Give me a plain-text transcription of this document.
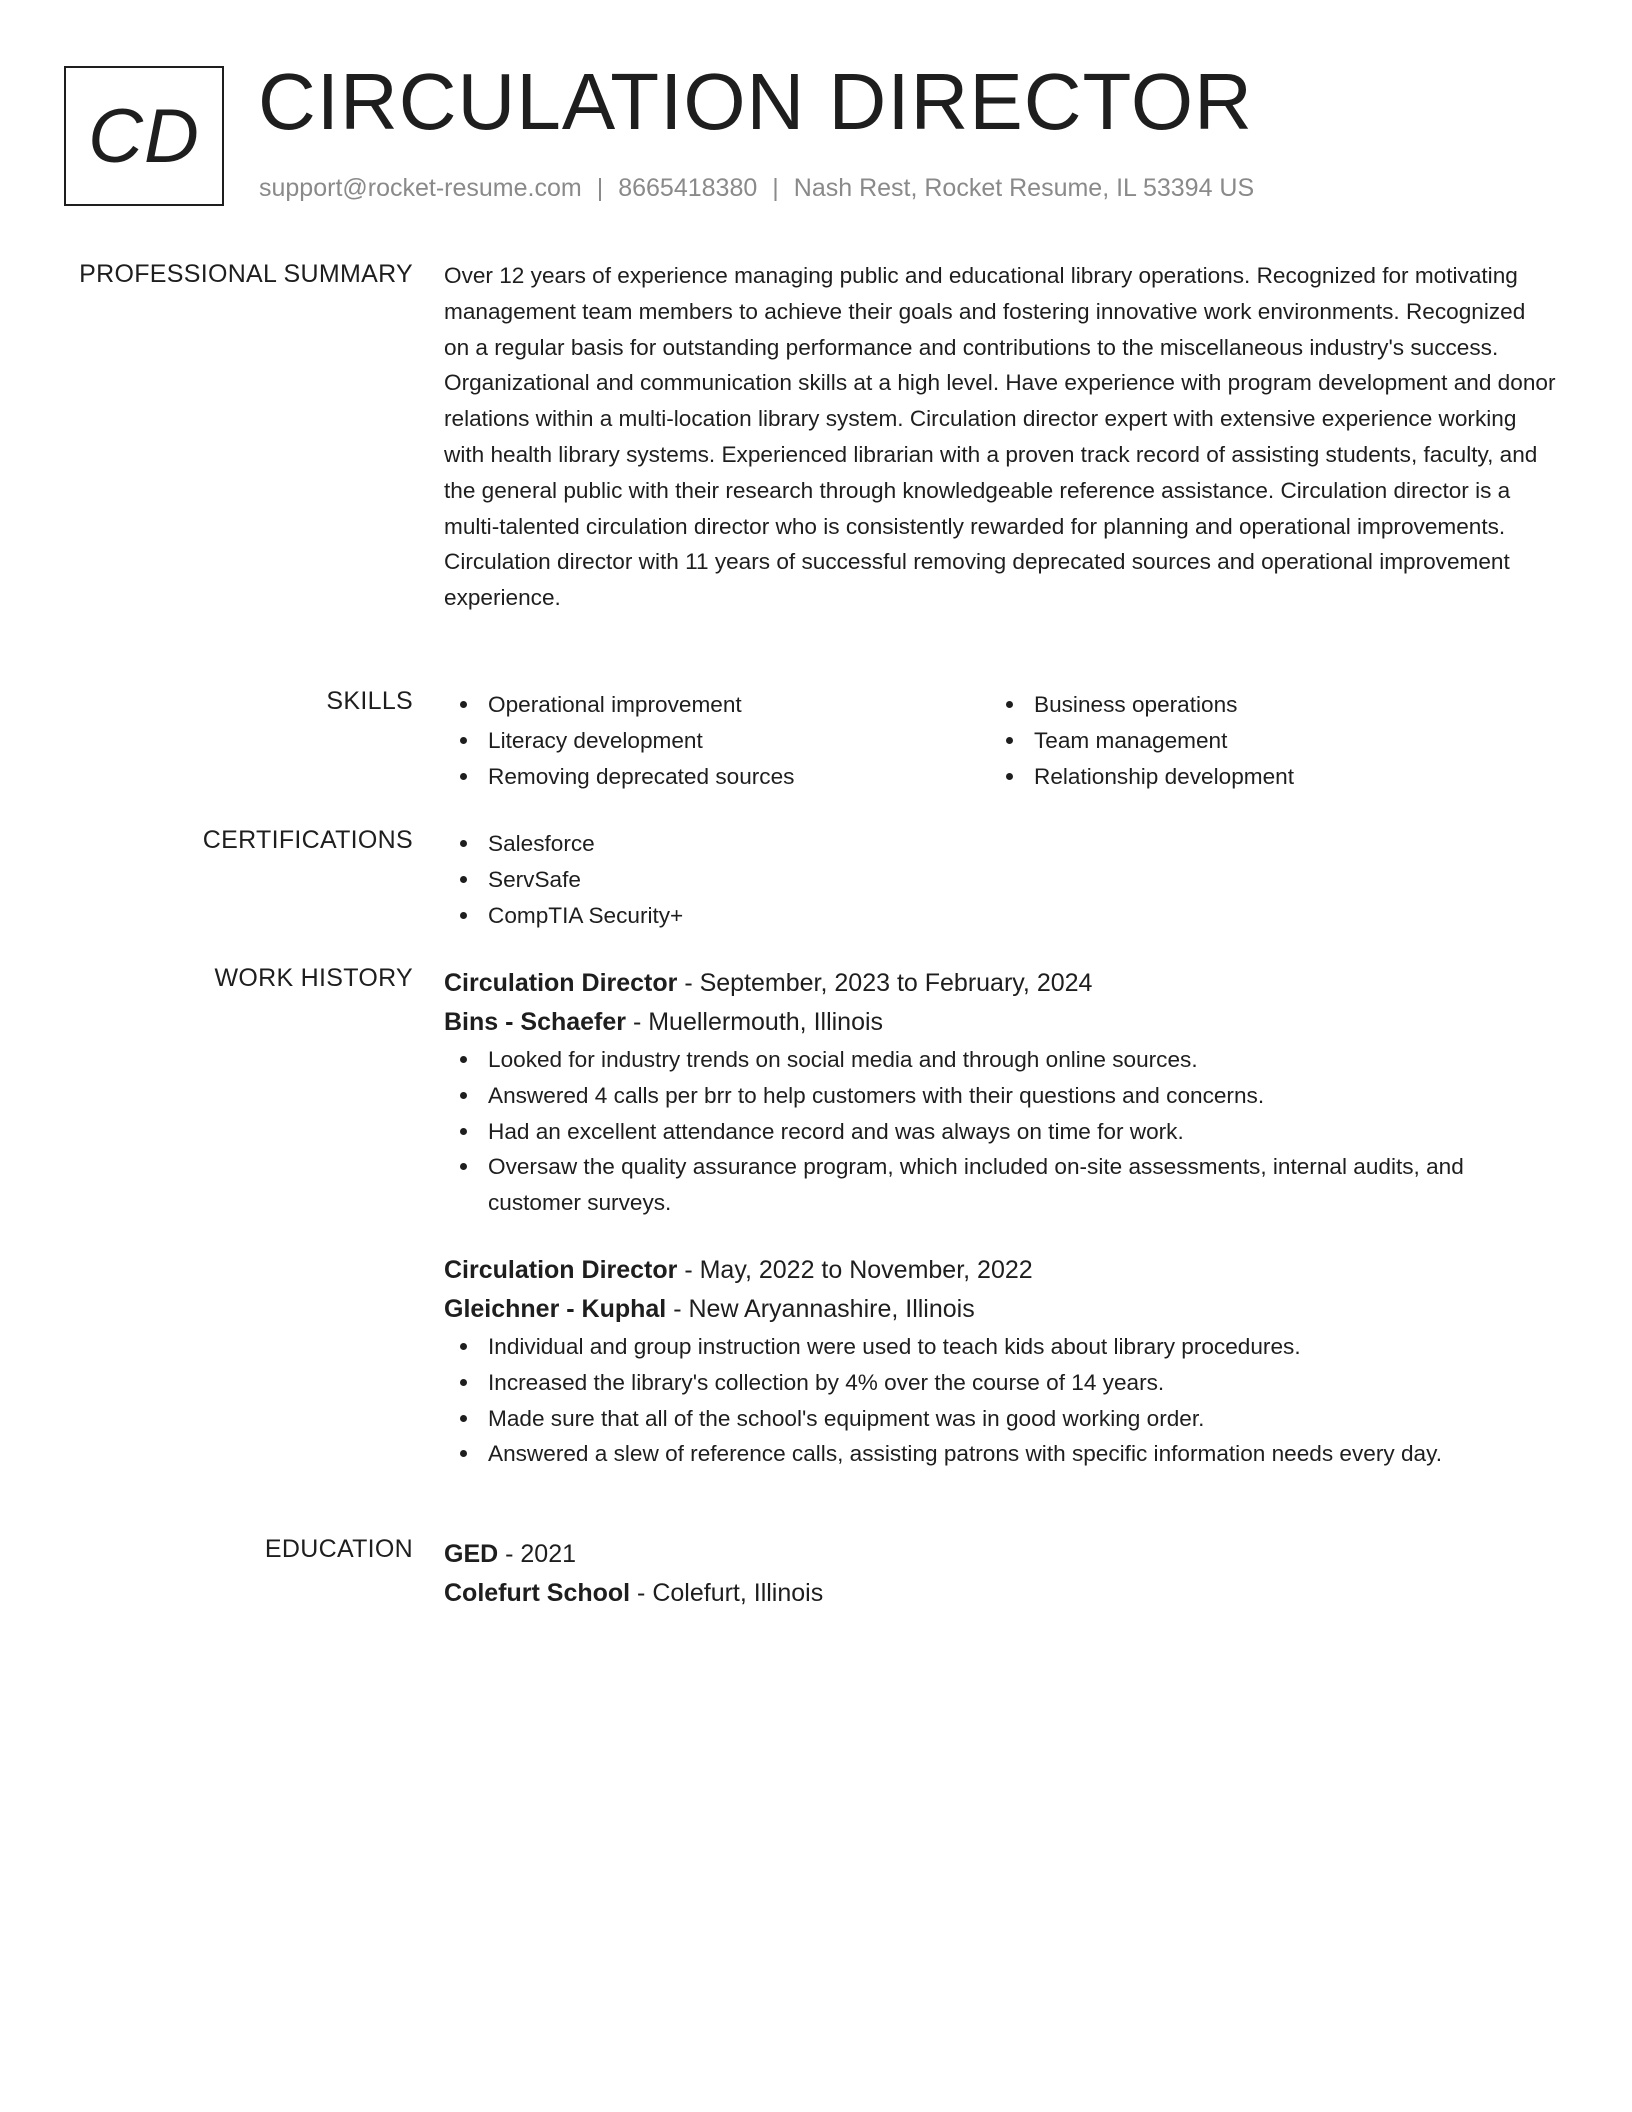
CD CIRCULATION DIRECTOR
support@rocket-resume.com | 8665418380 | Nash Rest, Rocket Resume, IL 53394 US
PROFESSIONAL SUMMARY Over 12 years of experience managing public and educational library operations. Recognized for motivating management team members to achieve their goals and fostering innovative work environments. Recognized on a regular basis for outstanding performance and contributions to the miscellaneous industry's success. Organizational and communication skills at a high level. Have experience with program development and donor relations within a multi-location library system. Circulation director expert with extensive experience working with health library systems. Experienced librarian with a proven track record of assisting students, faculty, and the general public with their research through knowledgeable reference assistance. Circulation director is a multi-talented circulation director who is consistently rewarded for planning and operational improvements. Circulation director with 11 years of successful removing deprecated sources and operational improvement experience.

SKILLS	Operational improvement
Literacy development
Removing deprecated sources
Business operations
Team management
Relationship development
CERTIFICATIONS	Salesforce
ServSafe
CompTIA Security+
WORK HISTORY Circulation Director - September, 2023 to February, 2024
Bins - Schaefer - Muellermouth, Illinois
Looked for industry trends on social media and through online sources.
Answered 4 calls per brr to help customers with their questions and concerns.
Had an excellent attendance record and was always on time for work.
Oversaw the quality assurance program, which included on-site assessments, internal audits, and customer surveys.
Circulation Director - May, 2022 to November, 2022
Gleichner - Kuphal - New Aryannashire, Illinois
Individual and group instruction were used to teach kids about library procedures.
Increased the library's collection by 4% over the course of 14 years.
Made sure that all of the school's equipment was in good working order.
Answered a slew of reference calls, assisting patrons with specific information needs every day.
EDUCATION GED - 2021
Colefurt School - Colefurt, Illinois
